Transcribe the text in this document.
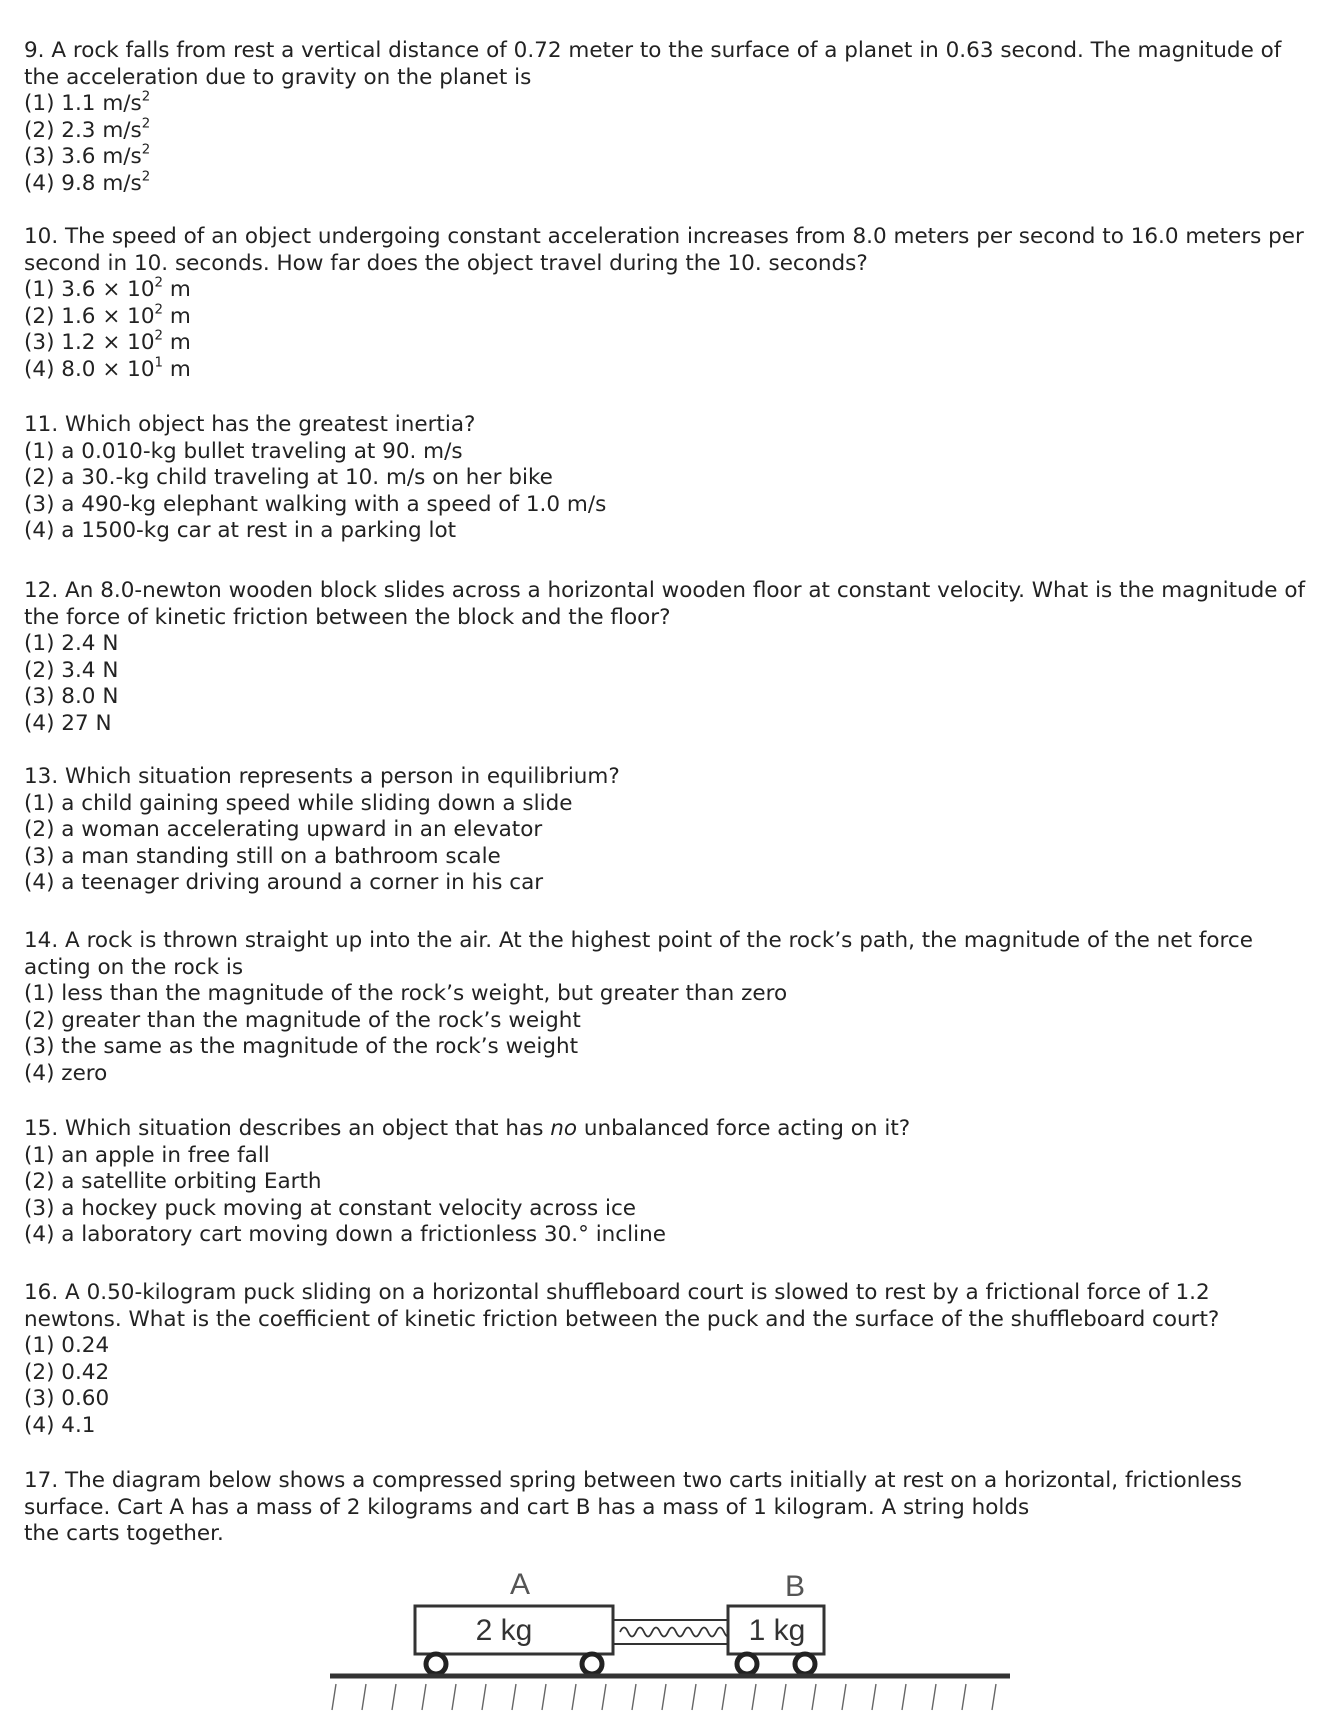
9. A rock falls from rest a vertical distance of 0.72 meter to the surface of a planet in 0.63 second. The magnitude of the acceleration due to gravity on the planet is

(1) 1.1 $m/s^2$
(2) 2.3 $m/s^2$
(3) 3.6 $m/s^2$
(4) 9.8 $m/s^2$

10. The speed of an object undergoing constant acceleration increases from 8.0 meters per second to 16.0 meters per second in 10. seconds. How far does the object travel during the 10. seconds?

(1) $3.6 \times 10^2$ m
(2) $1.6 \times 10^2$ m
(3) $1.2 \times 10^2$ m
(4) $8.0 \times 10^1$ m

11. Which object has the greatest inertia?

(1) a 0.010-kg bullet traveling at 90. m/s
(2) a 30.-kg child traveling at 10. m/s on her bike
(3) a 490-kg elephant walking with a speed of 1.0 m/s
(4) a 1500-kg car at rest in a parking lot

12. An 8.0-newton wooden block slides across a horizontal wooden floor at constant velocity. What is the magnitude of the force of kinetic friction between the block and the floor?

(1) 2.4 N
(2) 3.4 N
(3) 8.0 N
(4) 27 N

13. Which situation represents a person in equilibrium?

(1) a child gaining speed while sliding down a slide
(2) a woman accelerating upward in an elevator
(3) a man standing still on a bathroom scale
(4) a teenager driving around a corner in his car

14. A rock is thrown straight up into the air. At the highest point of the rock’s path, the magnitude of the net force acting on the rock is

(1) less than the magnitude of the rock’s weight, but greater than zero
(2) greater than the magnitude of the rock’s weight
(3) the same as the magnitude of the rock’s weight
(4) zero

15. Which situation describes an object that has no unbalanced force acting on it?

(1) an apple in free fall
(2) a satellite orbiting Earth
(3) a hockey puck moving at constant velocity across ice
(4) a laboratory cart moving down a frictionless 30.° incline

16. A 0.50-kilogram puck sliding on a horizontal shuffleboard court is slowed to rest by a frictional force of 1.2 newtons. What is the coefficient of kinetic friction between the puck and the surface of the shuffleboard court?

(1) 0.24
(2) 0.42
(3) 0.60
(4) 4.1
17. The diagram below shows a compressed spring between two carts initially at rest on a horizontal, frictionless
surface. Cart A has a mass of 2 kilograms and cart B has a mass of 1 kilogram. A string holds
the carts together.
A	B
2 kg	1 kg
